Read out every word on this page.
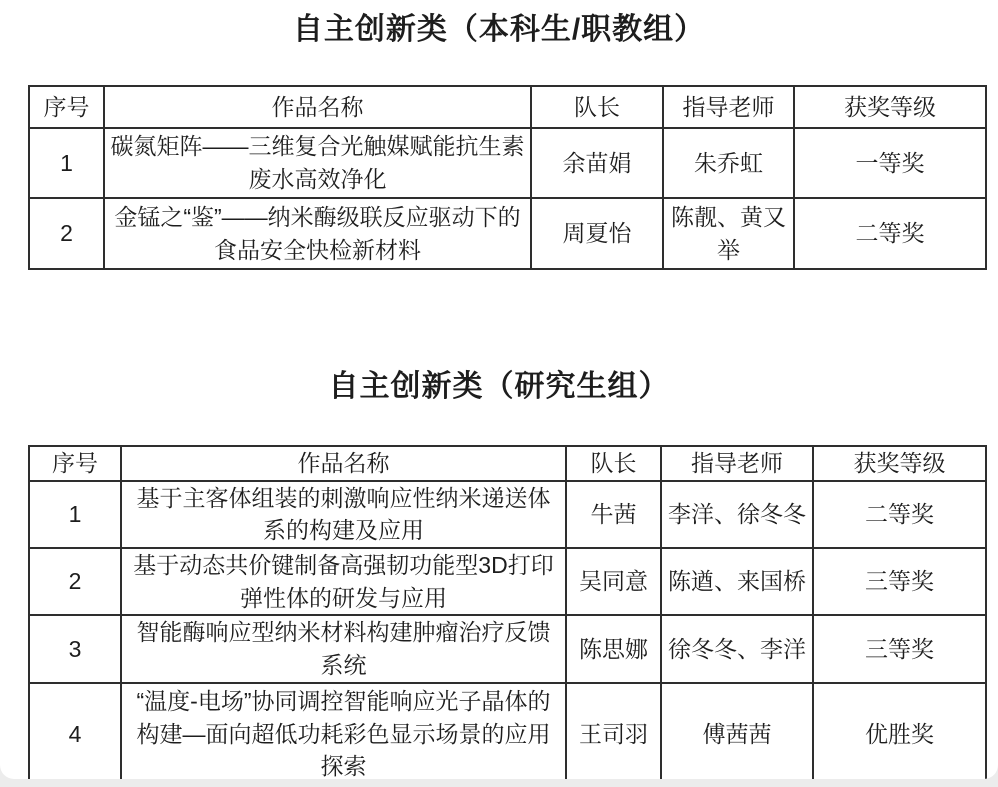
自主创新类（本科生/职教组）
序号	作品名称	队长	指导老师	获奖等级
1	碳氮矩阵——三维复合光触媒赋能抗生素废水高效净化	余苗娟	朱乔虹	一等奖
2	金锰之“鉴”——纳米酶级联反应驱动下的食品安全快检新材料	周夏怡	陈靓、黄又举	二等奖
自主创新类（研究生组）
序号	作品名称	队长	指导老师	获奖等级
1	基于主客体组装的刺激响应性纳米递送体系的构建及应用	牛茜	李洋、徐冬冬	二等奖
2	基于动态共价键制备高强韧功能型3D打印弹性体的研发与应用	吴同意	陈遒、来国桥	三等奖
3	智能酶响应型纳米材料构建肿瘤治疗反馈系统	陈思娜	徐冬冬、李洋	三等奖
4	“温度-电场”协同调控智能响应光子晶体的构建—面向超低功耗彩色显示场景的应用探索	王司羽	傅茜茜	优胜奖
